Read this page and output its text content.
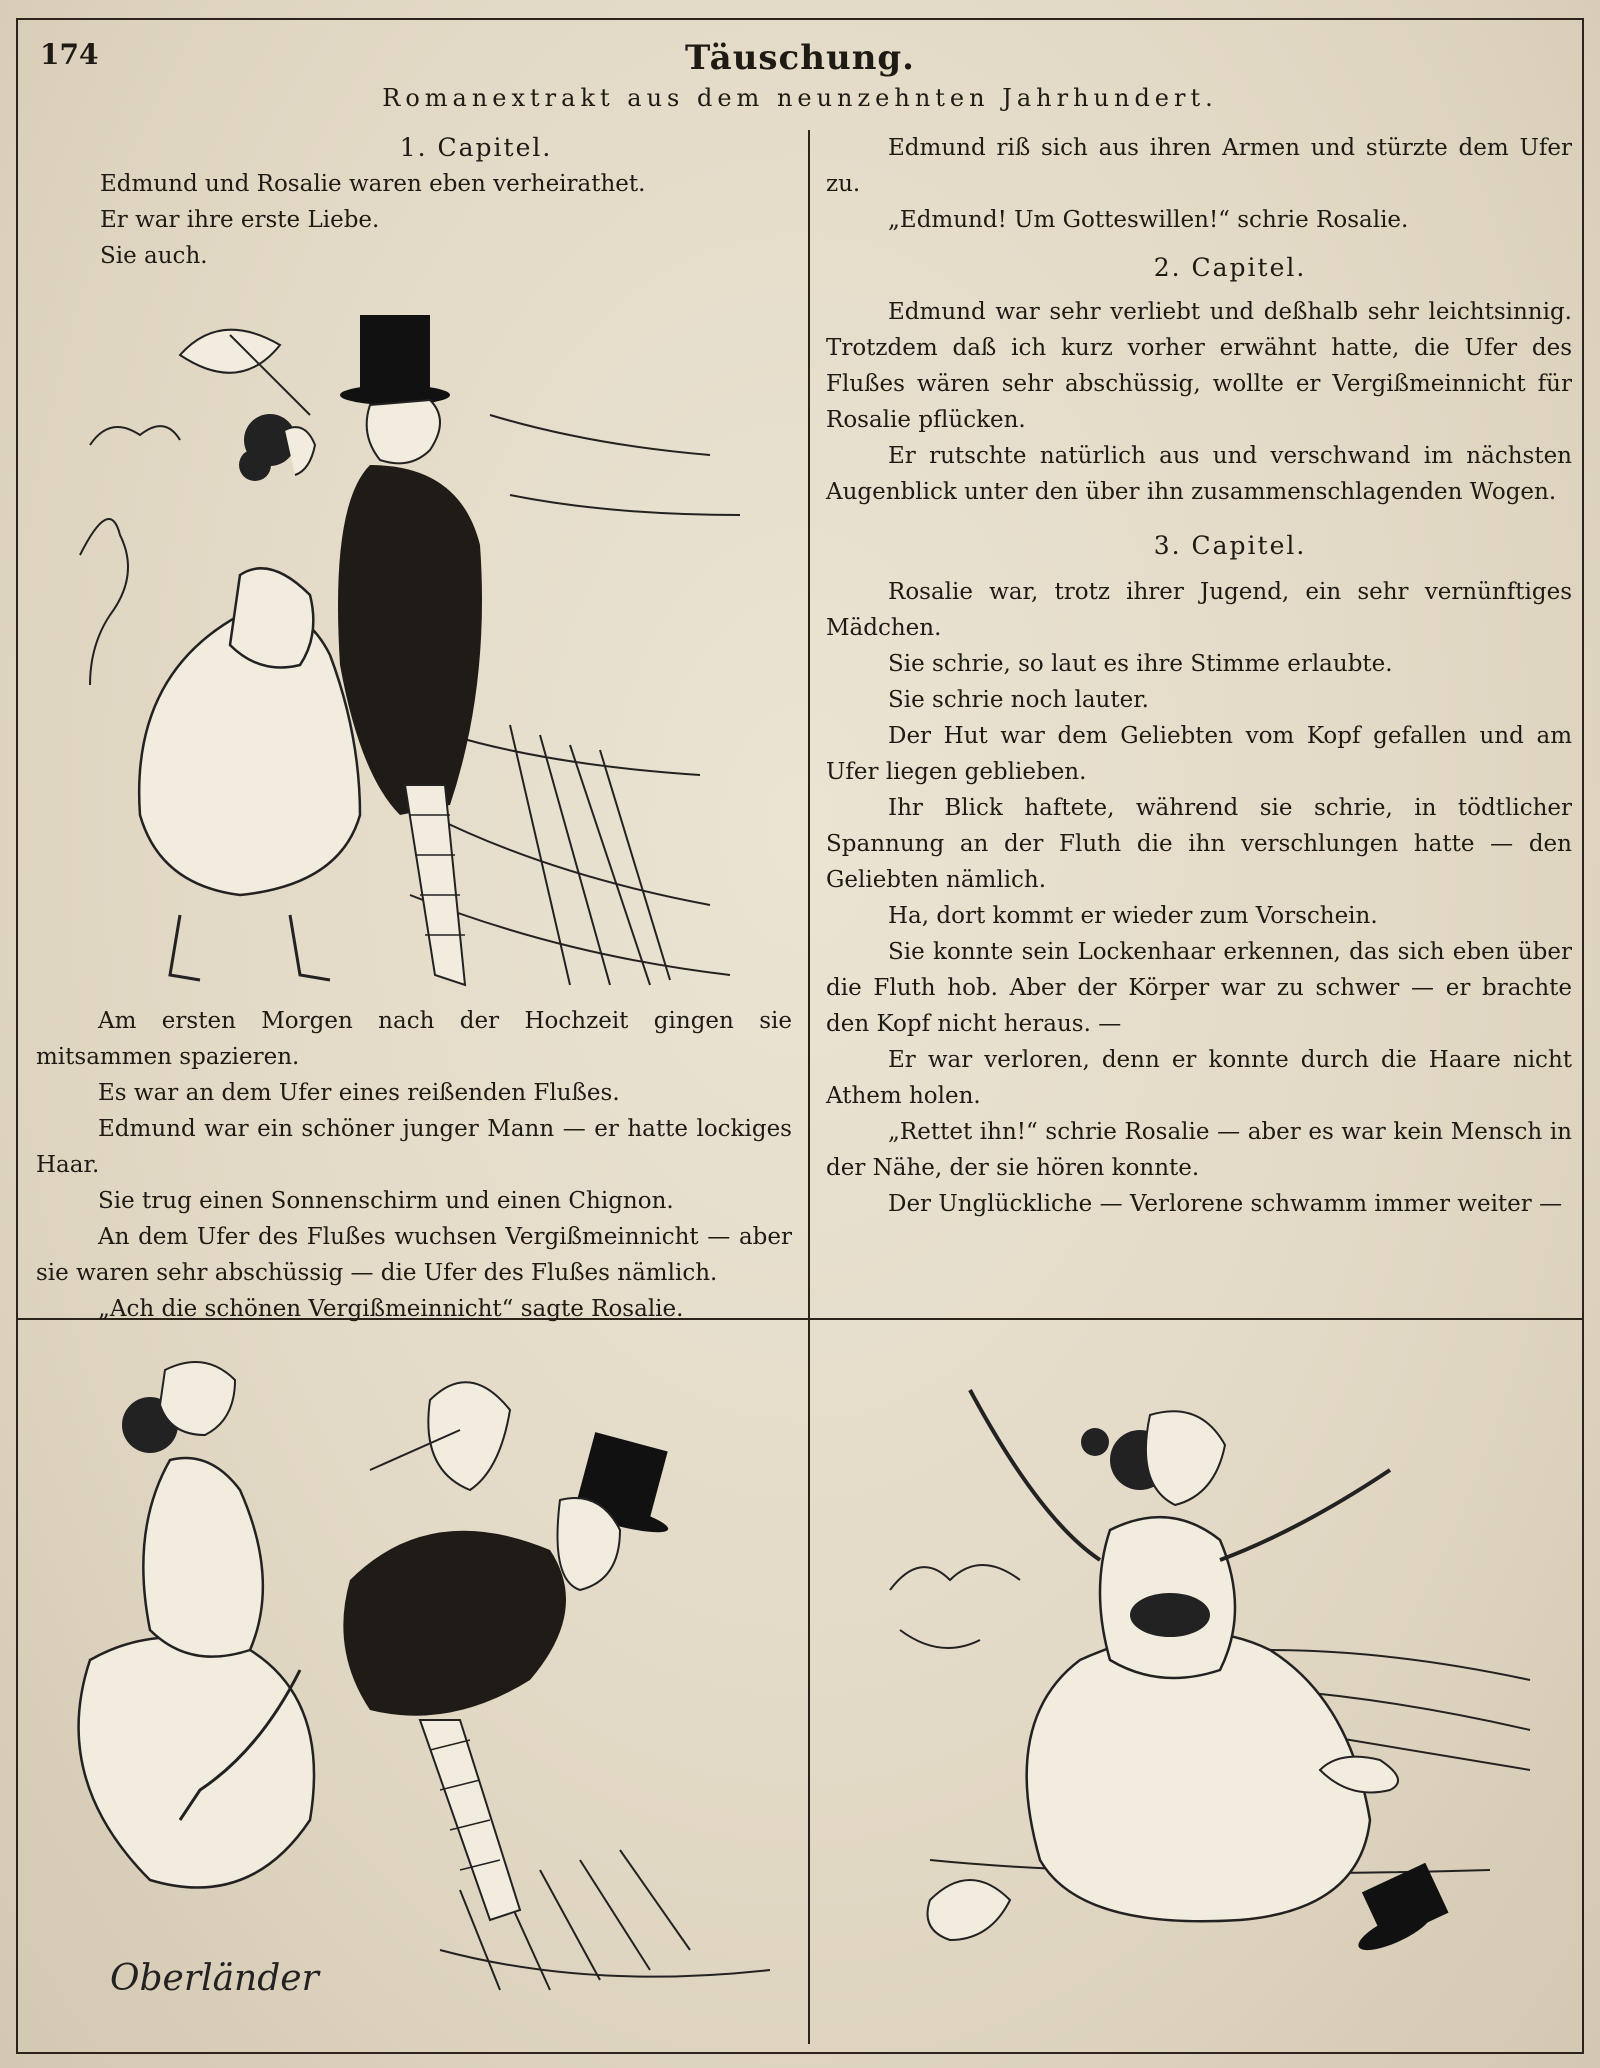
174	Täuschung.
Romanextrakt aus dem neunzehnten Jahrhundert.

1. Capitel.

Edmund und Rosalie waren eben verheirathet.

Er war ihre erste Liebe.

Sie auch.

Am ersten Morgen nach der Hochzeit gingen sie mitsammen spazieren.

Es war an dem Ufer eines reißenden Flußes.

Edmund war ein schöner junger Mann — er hatte lockiges Haar.

Sie trug einen Sonnenschirm und einen Chignon.

An dem Ufer des Flußes wuchsen Vergißmeinnicht — aber sie waren sehr abschüssig — die Ufer des Flußes nämlich.

„Ach die schönen Vergißmeinnicht“ sagte Rosalie.

Edmund riß sich aus ihren Armen und stürzte dem Ufer zu.

„Edmund! Um Gotteswillen!“ schrie Rosalie.

2. Capitel.

Edmund war sehr verliebt und deßhalb sehr leichtsinnig. Trotzdem daß ich kurz vorher erwähnt hatte, die Ufer des Flußes wären sehr abschüssig, wollte er Vergißmeinnicht für Rosalie pflücken.

Er rutschte natürlich aus und verschwand im nächsten Augenblick unter den über ihn zusammenschlagenden Wogen.

3. Capitel.

Rosalie war, trotz ihrer Jugend, ein sehr vernünftiges Mädchen.

Sie schrie, so laut es ihre Stimme erlaubte.

Sie schrie noch lauter.

Der Hut war dem Geliebten vom Kopf gefallen und am Ufer liegen geblieben.

Ihr Blick haftete, während sie schrie, in tödtlicher Spannung an der Fluth die ihn verschlungen hatte — den Geliebten nämlich.

Ha, dort kommt er wieder zum Vorschein.

Sie konnte sein Lockenhaar erkennen, das sich eben über die Fluth hob. Aber der Körper war zu schwer — er brachte den Kopf nicht heraus. —

Er war verloren, denn er konnte durch die Haare nicht Athem holen.

„Rettet ihn!“ schrie Rosalie — aber es war kein Mensch in der Nähe, der sie hören konnte.

Der Unglückliche — Verlorene schwamm immer weiter —

Oberländer
